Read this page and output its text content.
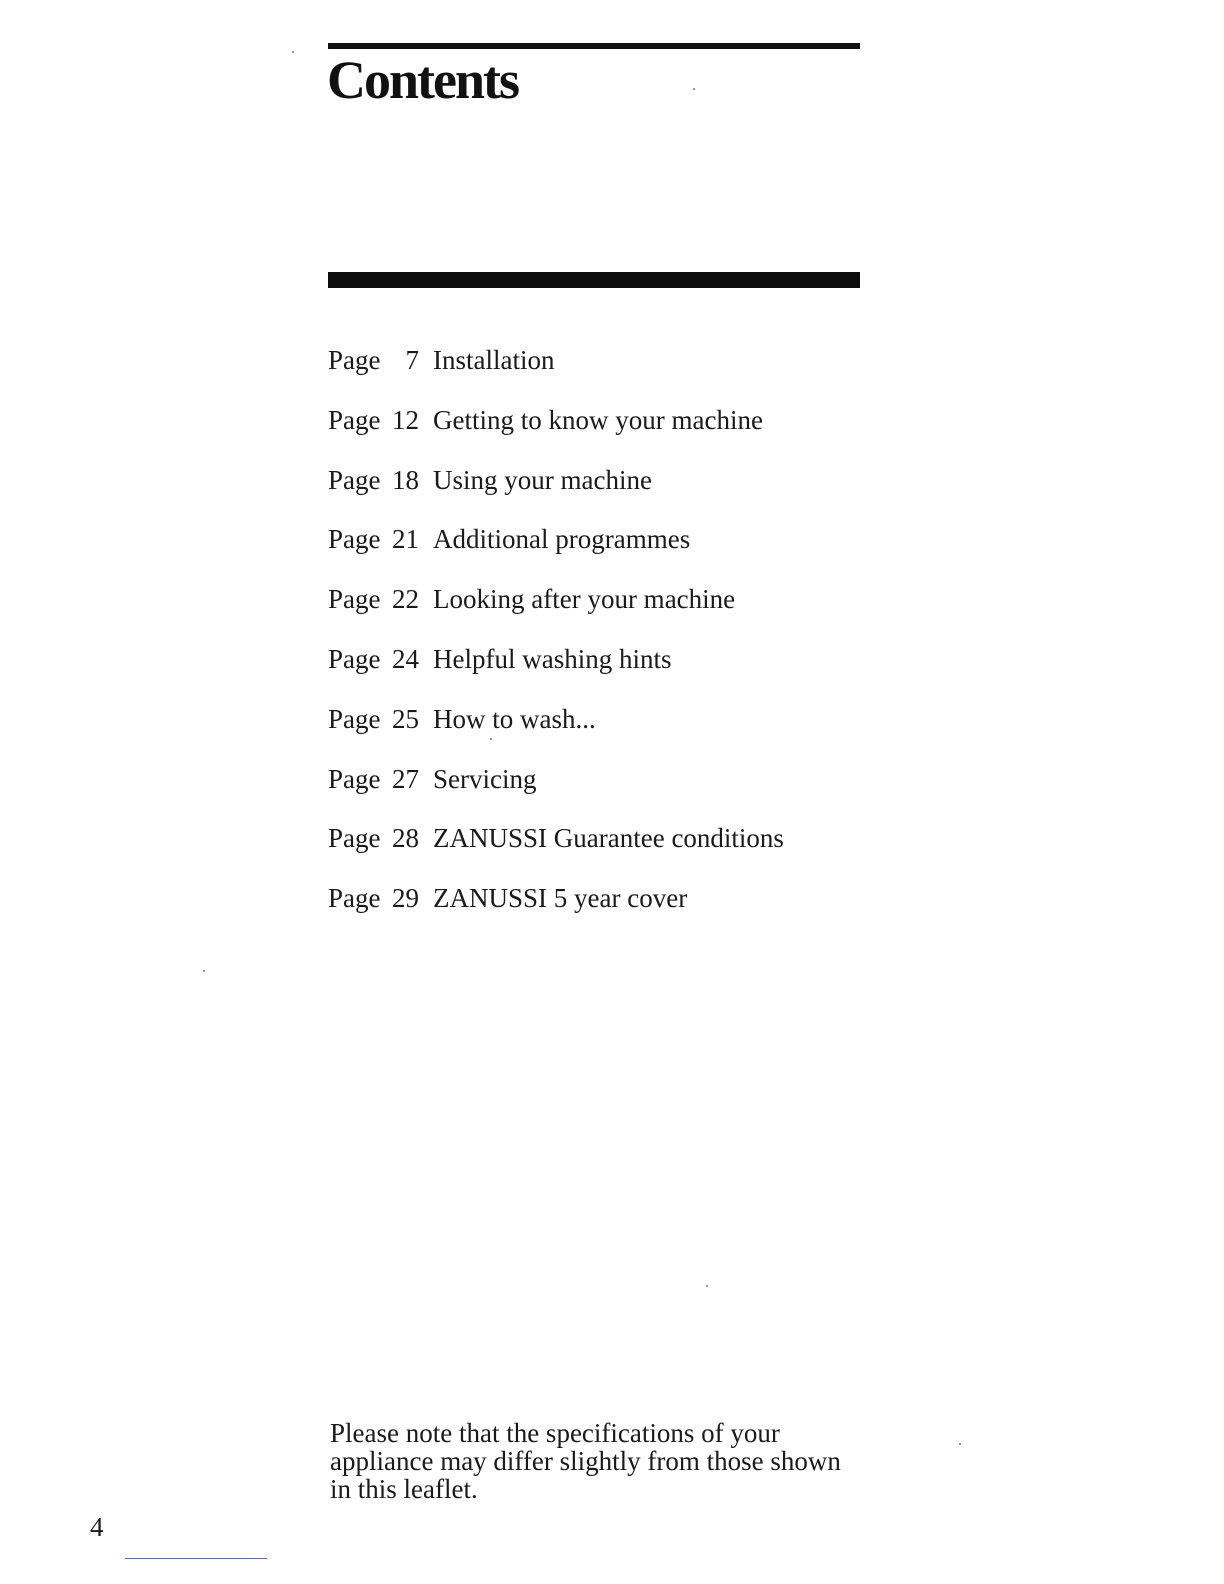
Contents
Page 7 Installation
Page 12 Getting to know your machine
Page 18 Using your machine
Page 21 Additional programmes
Page 22 Looking after your machine
Page 24 Helpful washing hints
Page 25 How to wash...
Page 27 Servicing
Page 28 ZANUSSI Guarantee conditions
Page 29 ZANUSSI 5 year cover

Please note that the specifications of your appliance may differ slightly from those shown in this leaflet.

4
